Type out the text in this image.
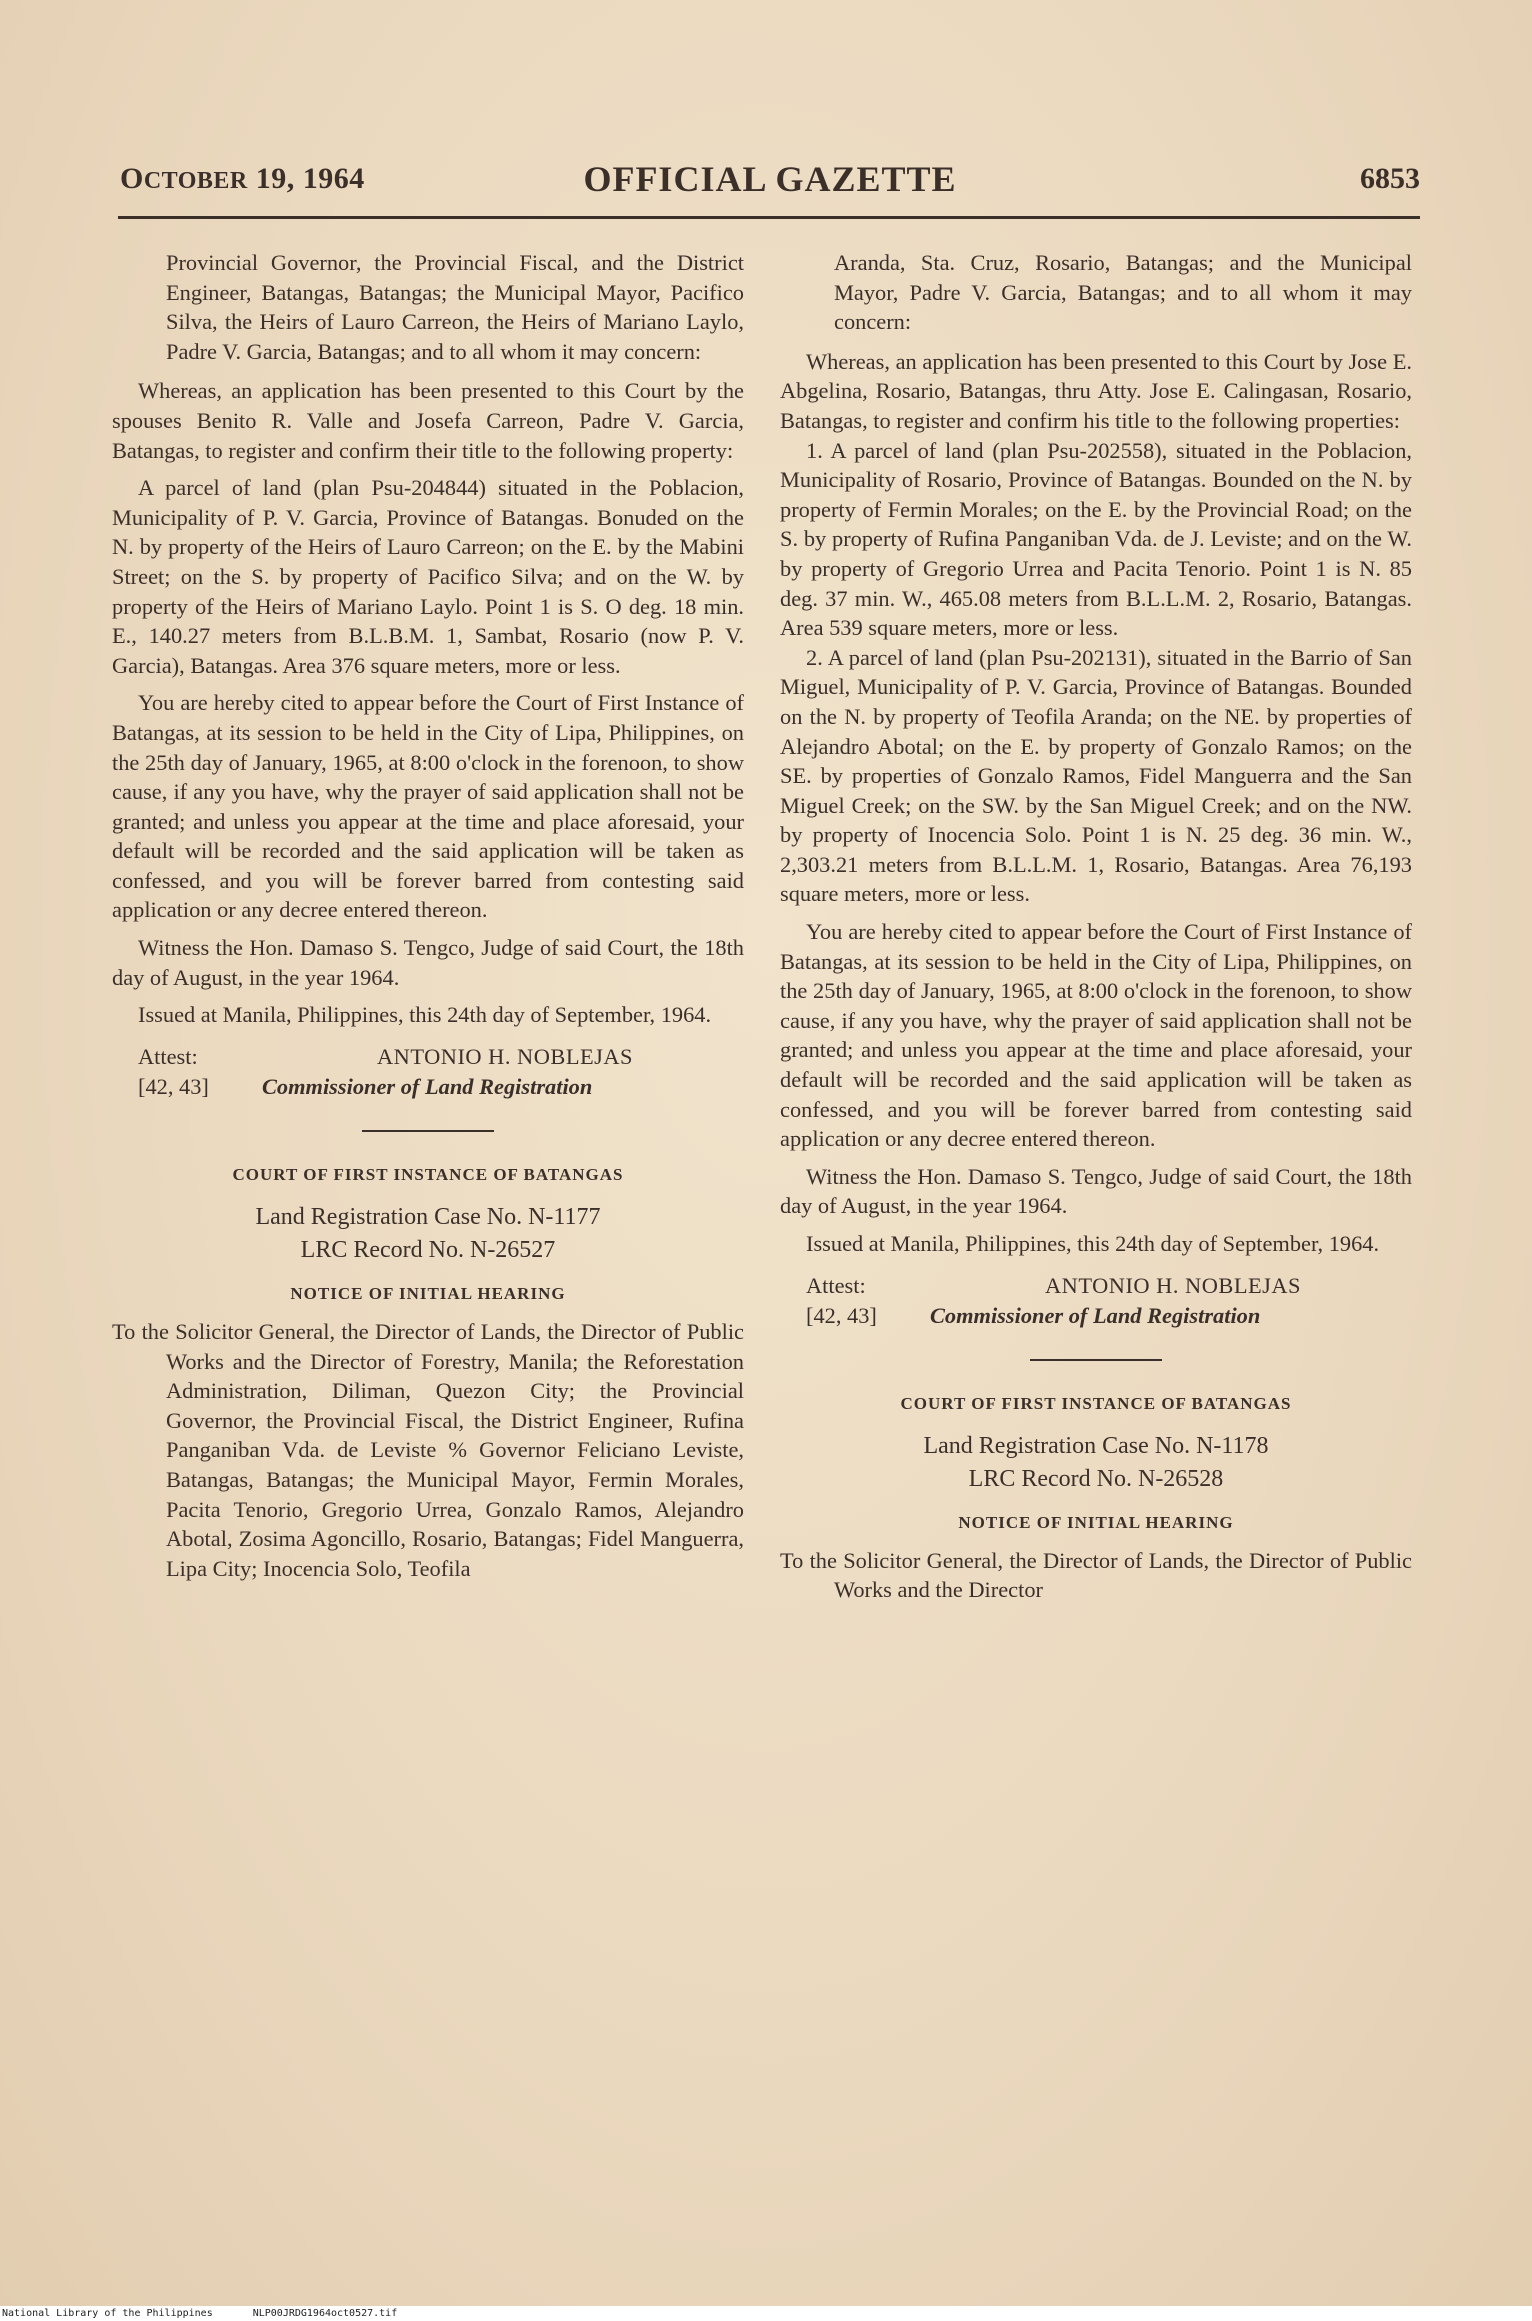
OCTOBER 19, 1964	OFFICIAL GAZETTE	6853

Provincial Governor, the Provincial Fiscal, and the District Engineer, Batangas, Batangas; the Municipal Mayor, Pacifico Silva, the Heirs of Lauro Carreon, the Heirs of Mariano Laylo, Padre V. Garcia, Batangas; and to all whom it may concern:

Whereas, an application has been presented to this Court by the spouses Benito R. Valle and Josefa Carreon, Padre V. Garcia, Batangas, to register and confirm their title to the following property:

A parcel of land (plan Psu-204844) situated in the Poblacion, Municipality of P. V. Garcia, Province of Batangas. Bonuded on the N. by property of the Heirs of Lauro Carreon; on the E. by the Mabini Street; on the S. by property of Pacifico Silva; and on the W. by property of the Heirs of Mariano Laylo. Point 1 is S. O deg. 18 min. E., 140.27 meters from B.L.B.M. 1, Sambat, Rosario (now P. V. Garcia), Batangas. Area 376 square meters, more or less.

You are hereby cited to appear before the Court of First Instance of Batangas, at its session to be held in the City of Lipa, Philippines, on the 25th day of January, 1965, at 8:00 o'clock in the forenoon, to show cause, if any you have, why the prayer of said application shall not be granted; and unless you appear at the time and place aforesaid, your default will be recorded and the said application will be taken as confessed, and you will be forever barred from contesting said application or any decree entered thereon.

Witness the Hon. Damaso S. Tengco, Judge of said Court, the 18th day of August, in the year 1964.

Issued at Manila, Philippines, this 24th day of September, 1964.

Attest:	ANTONIO H. NOBLEJAS
[42, 43] Commissioner of Land Registration

COURT OF FIRST INSTANCE OF BATANGAS

Land Registration Case No. N-1177

LRC Record No. N-26527

NOTICE OF INITIAL HEARING

To the Solicitor General, the Director of Lands, the Director of Public Works and the Director of Forestry, Manila; the Reforestation Administration, Diliman, Quezon City; the Provincial Governor, the Provincial Fiscal, the District Engineer, Rufina Panganiban Vda. de Leviste % Governor Feliciano Leviste, Batangas, Batangas; the Municipal Mayor, Fermin Morales, Pacita Tenorio, Gregorio Urrea, Gonzalo Ramos, Alejandro Abotal, Zosima Agoncillo, Rosario, Batangas; Fidel Manguerra, Lipa City; Inocencia Solo, Teofila

Aranda, Sta. Cruz, Rosario, Batangas; and the Municipal Mayor, Padre V. Garcia, Batangas; and to all whom it may concern:

Whereas, an application has been presented to this Court by Jose E. Abgelina, Rosario, Batangas, thru Atty. Jose E. Calingasan, Rosario, Batangas, to register and confirm his title to the following properties:

1. A parcel of land (plan Psu-202558), situated in the Poblacion, Municipality of Rosario, Province of Batangas. Bounded on the N. by property of Fermin Morales; on the E. by the Provincial Road; on the S. by property of Rufina Panganiban Vda. de J. Leviste; and on the W. by property of Gregorio Urrea and Pacita Tenorio. Point 1 is N. 85 deg. 37 min. W., 465.08 meters from B.L.L.M. 2, Rosario, Batangas. Area 539 square meters, more or less.

2. A parcel of land (plan Psu-202131), situated in the Barrio of San Miguel, Municipality of P. V. Garcia, Province of Batangas. Bounded on the N. by property of Teofila Aranda; on the NE. by properties of Alejandro Abotal; on the E. by property of Gonzalo Ramos; on the SE. by properties of Gonzalo Ramos, Fidel Manguerra and the San Miguel Creek; on the SW. by the San Miguel Creek; and on the NW. by property of Inocencia Solo. Point 1 is N. 25 deg. 36 min. W., 2,303.21 meters from B.L.L.M. 1, Rosario, Batangas. Area 76,193 square meters, more or less.

You are hereby cited to appear before the Court of First Instance of Batangas, at its session to be held in the City of Lipa, Philippines, on the 25th day of January, 1965, at 8:00 o'clock in the forenoon, to show cause, if any you have, why the prayer of said application shall not be granted; and unless you appear at the time and place aforesaid, your default will be recorded and the said application will be taken as confessed, and you will be forever barred from contesting said application or any decree entered thereon.

Witness the Hon. Damaso S. Tengco, Judge of said Court, the 18th day of August, in the year 1964.

Issued at Manila, Philippines, this 24th day of September, 1964.

Attest:	ANTONIO H. NOBLEJAS
[42, 43] Commissioner of Land Registration

COURT OF FIRST INSTANCE OF BATANGAS

Land Registration Case No. N-1178

LRC Record No. N-26528

NOTICE OF INITIAL HEARING

To the Solicitor General, the Director of Lands, the Director of Public Works and the Director

National Library of the Philippines	NLP00JRDG1964oct0527.tif
